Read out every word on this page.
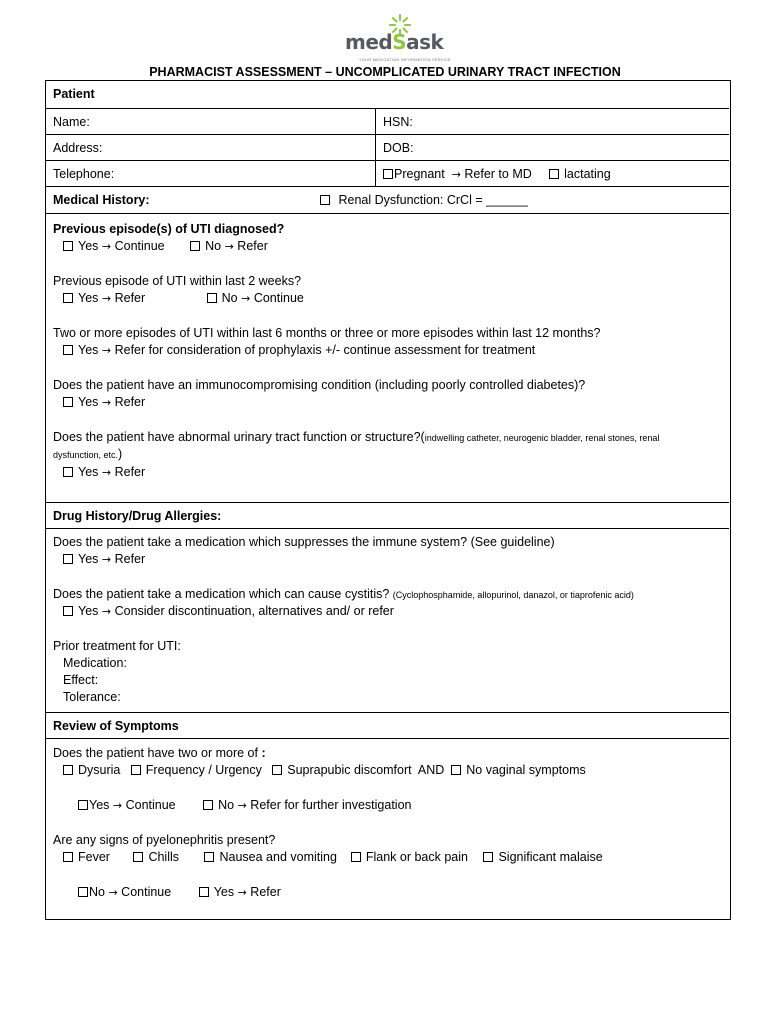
medSask
YOUR MEDICATION INFORMATION SERVICE
PHARMACIST ASSESSMENT – UNCOMPLICATED URINARY TRACT INFECTION
Patient
Name:	HSN:
Address:	DOB:
Telephone:	Pregnant → Refer to MD	lactating
Medical History:	Renal Dysfunction: CrCl = ______
Previous episode(s) of UTI diagnosed?
Yes → Continue	No → Refer
Previous episode of UTI within last 2 weeks?
Yes → Refer	No → Continue
Two or more episodes of UTI within last 6 months or three or more episodes within last 12 months?
Yes → Refer for consideration of prophylaxis +/- continue assessment for treatment
Does the patient have an immunocompromising condition (including poorly controlled diabetes)?
Yes → Refer
Does the patient have abnormal urinary tract function or structure?(indwelling catheter, neurogenic bladder, renal stones, renal
dysfunction, etc.)
Yes → Refer
Drug History/Drug Allergies:
Does the patient take a medication which suppresses the immune system? (See guideline)
Yes → Refer
Does the patient take a medication which can cause cystitis? (Cyclophosphamide, allopurinol, danazol, or tiaprofenic acid)
Yes → Consider discontinuation, alternatives and/ or refer
Prior treatment for UTI:
Medication:
Effect:
Tolerance:
Review of Symptoms
Does the patient have two or more of :
Dysuria Frequency / Urgency Suprapubic discomfort AND No vaginal symptoms
Yes → Continue	No → Refer for further investigation
Are any signs of pyelonephritis present?
Fever	Chills	Nausea and vomiting Flank or back pain Significant malaise
No → Continue	Yes → Refer
